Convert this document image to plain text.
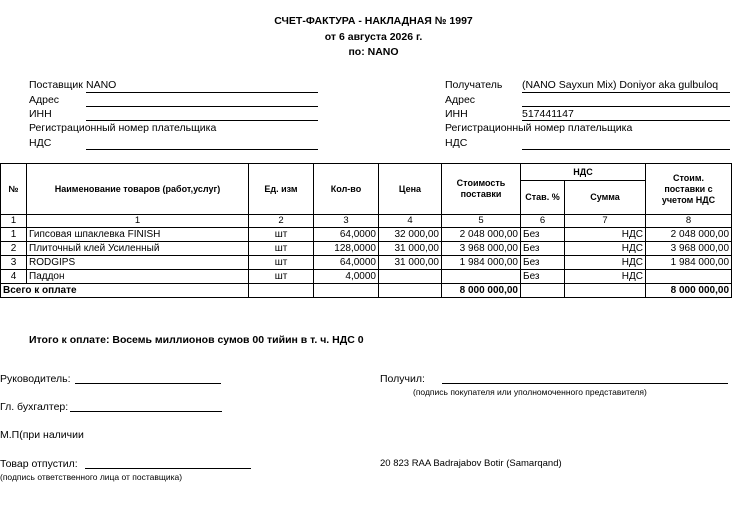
СЧЕТ-ФАКТУРА - НАКЛАДНАЯ № 1997
от 6 августа 2026 г.
по: NANO
Поставщик NANO
Адрес
ИНН
Регистрационный номер плательщика
НДС
Получатель (NANO Sayxun Mix) Doniyor aka gulbuloq
Адрес
ИНН	517441147
Регистрационный номер плательщика
НДС
№	Наименование товаров (работ,услуг)	Ед. изм	Кол-во	Цена	Стоимость поставки	НДС		Стоим. поставки с учетом НДС
						Став. %	Сумма	
1	1	2	3	4	5	6	7	8
1	Гипсовая шпаклевка FINISH	шт	64,0000	32 000,00	2 048 000,00	Без	НДС	2 048 000,00
2	Плиточный клей Усиленный	шт	128,0000	31 000,00	3 968 000,00	Без	НДС	3 968 000,00
3	RODGIPS	шт	64,0000	31 000,00	1 984 000,00	Без	НДС	1 984 000,00
4	Паддон	шт	4,0000			Без	НДС	
Всего к оплате					8 000 000,00			8 000 000,00
Итого к оплате: Восемь миллионов сумов 00 тийин в т. ч. НДС 0
Руководитель:
Гл. бухгалтер:
М.П(при наличии
Товар отпустил:
(подпись ответственного лица от поставщика)
Получил:
(подпись покупателя или уполномоченного представителя)
20 823 RAA Badrajabov Botir (Samarqand)
